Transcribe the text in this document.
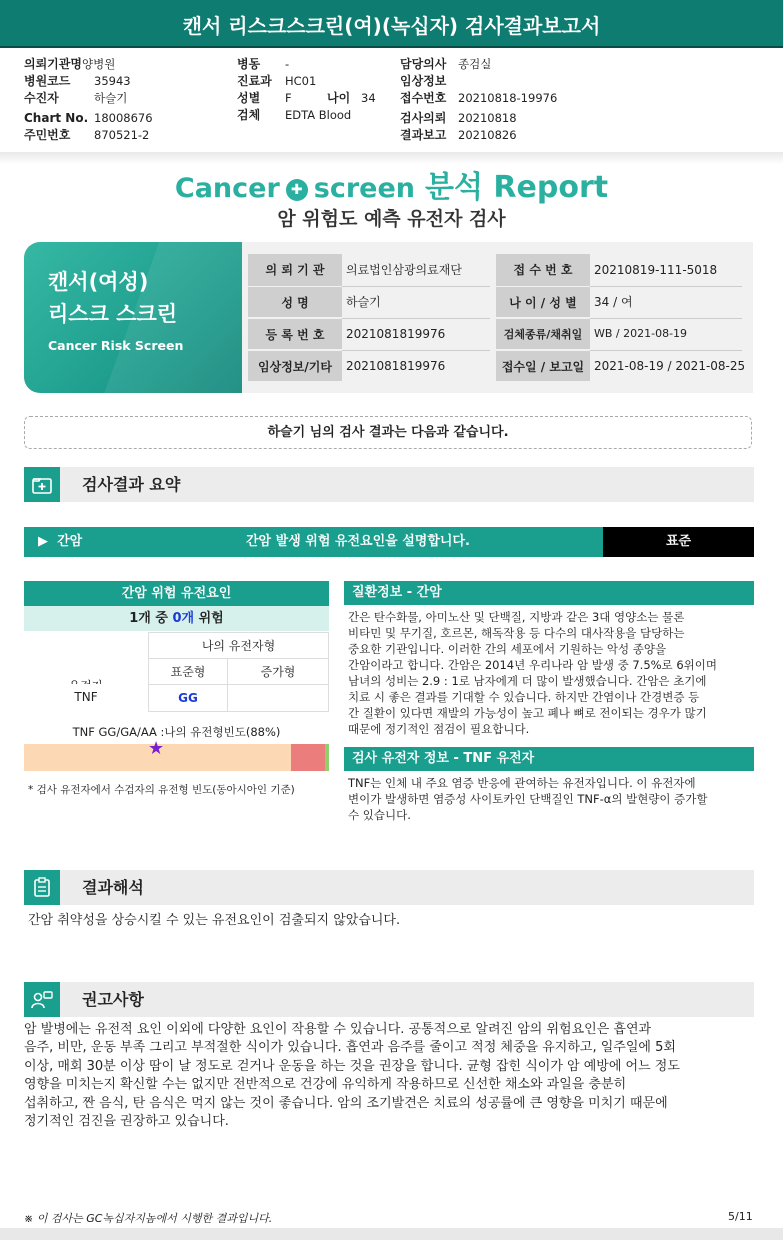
캔서 리스크스크린(여)(녹십자) 검사결과보고서
의뢰기관명양병원
병원코드 35943
수진자	하슬기
Chart No. 18008676
주민번호 870521-2
병동 -
진료과 HC01
성별 F	나이 34
검체 EDTA Blood
담당의사 종검실
임상정보
접수번호 20210818-19976
검사의뢰 20210818
결과보고 20210826
Cancer ✚ screen 분석 Report
암 위험도 예측 유전자 검사
캔서(여성)
리스크 스크린
Cancer Risk Screen
의 뢰 기 관	의료법인삼광의료재단	접 수 번 호	20210819-111-5018
성 명	하슬기	나 이 / 성 별	34 / 여
등 록 번 호	2021081819976	검체종류/채취일	WB / 2021-08-19
임상정보/기타	2021081819976	접수일 / 보고일 2021-08-19 / 2021-08-25
하슬기 님의 검사 결과는 다음과 같습니다.
검사결과 요약
▶  간암	간암 발생 위험 유전요인을 설명합니다.	표준
간암 위험 유전요인
1개 중 0개 위험
나의 유전자형
표준형	증가형
TNF	GG
TNF GG/GA/AA :나의 유전형빈도(88%)
★
* 검사 유전자에서 수검자의 유전형 빈도(동아시아인 기준)
질환정보 - 간암
간은 탄수화물, 아미노산 및 단백질, 지방과 같은 3대 영양소는 물론
비타민 및 무기질, 호르몬, 해독작용 등 다수의 대사작용을 담당하는
중요한 기관입니다. 이러한 간의 세포에서 기원하는 악성 종양을
간암이라고 합니다. 간암은 2014년 우리나라 암 발생 중 7.5%로 6위이며
남녀의 성비는 2.9 : 1로 남자에게 더 많이 발생했습니다. 간암은 초기에
치료 시 좋은 결과를 기대할 수 있습니다. 하지만 간염이나 간경변증 등
간 질환이 있다면 재발의 가능성이 높고 폐나 뼈로 전이되는 경우가 많기
때문에 정기적인 점검이 필요합니다.
검사 유전자 정보 - TNF 유전자
TNF는 인체 내 주요 염증 반응에 관여하는 유전자입니다. 이 유전자에
변이가 발생하면 염증성 사이토카인 단백질인 TNF-α의 발현량이 증가할
수 있습니다.
결과해석
간암 취약성을 상승시킬 수 있는 유전요인이 검출되지 않았습니다.
권고사항
암 발병에는 유전적 요인 이외에 다양한 요인이 작용할 수 있습니다. 공통적으로 알려진 암의 위험요인은 흡연과
음주, 비만, 운동 부족 그리고 부적절한 식이가 있습니다. 흡연과 음주를 줄이고 적정 체중을 유지하고, 일주일에 5회
이상, 매회 30분 이상 땀이 날 정도로 걷거나 운동을 하는 것을 권장을 합니다. 균형 잡힌 식이가 암 예방에 어느 정도
영향을 미치는지 확신할 수는 없지만 전반적으로 건강에 유익하게 작용하므로 신선한 채소와 과일을 충분히
섭취하고, 짠 음식, 탄 음식은 먹지 않는 것이 좋습니다. 암의 조기발견은 치료의 성공률에 큰 영향을 미치기 때문에
정기적인 검진을 권장하고 있습니다.
※ 이 검사는 GC녹십자지놈에서 시행한 결과입니다.	5/11
